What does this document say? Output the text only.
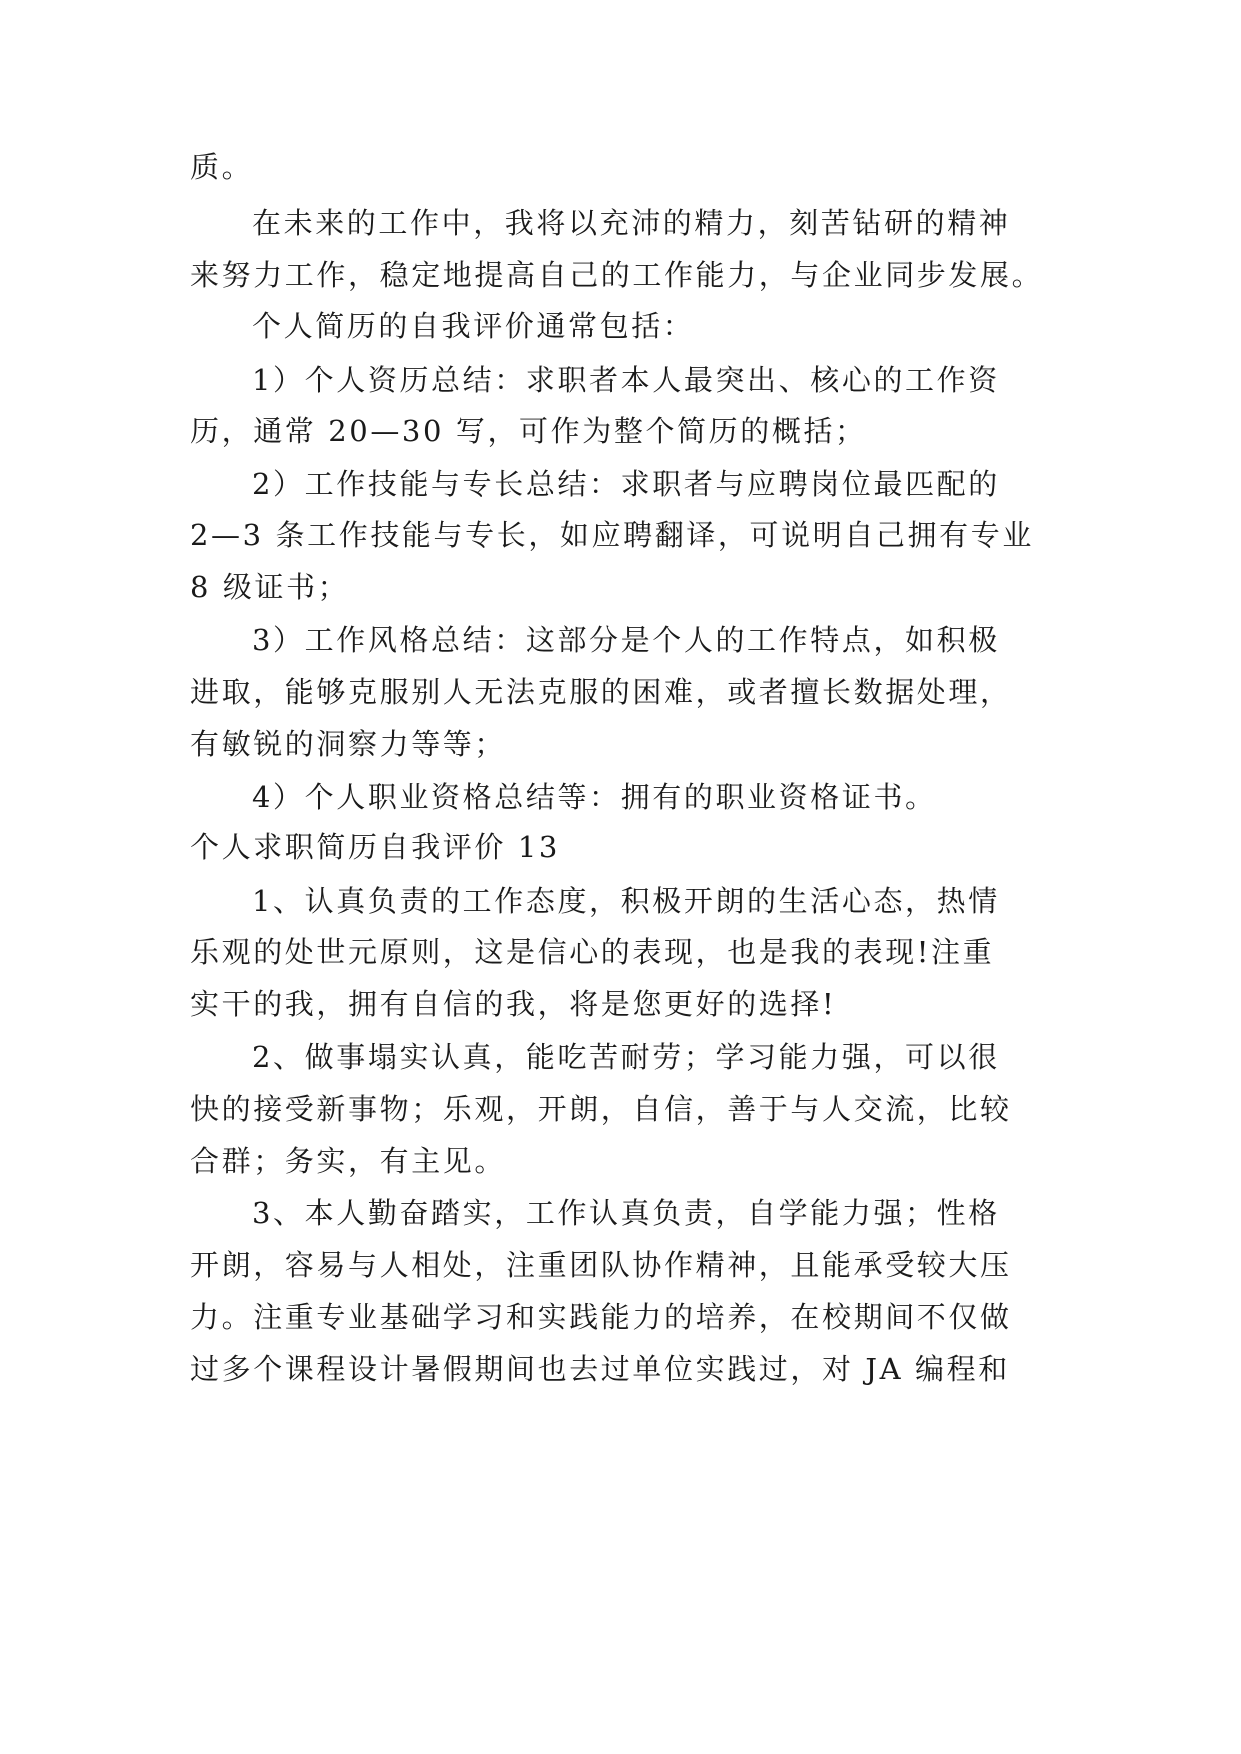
质。
在未来的工作中，我将以充沛的精力，刻苦钻研的精神
来努力工作，稳定地提高自己的工作能力，与企业同步发展。
个人简历的自我评价通常包括：
1）个人资历总结：求职者本人最突出、核心的工作资
历，通常 20—30 写，可作为整个简历的概括；
2）工作技能与专长总结：求职者与应聘岗位最匹配的
2—3 条工作技能与专长，如应聘翻译，可说明自己拥有专业
8 级证书；
3）工作风格总结：这部分是个人的工作特点，如积极
进取，能够克服别人无法克服的困难，或者擅长数据处理，
有敏锐的洞察力等等；
4）个人职业资格总结等：拥有的职业资格证书。
个人求职简历自我评价 13
1、认真负责的工作态度，积极开朗的生活心态，热情
乐观的处世元原则，这是信心的表现，也是我的表现!注重
实干的我，拥有自信的我，将是您更好的选择!
2、做事塌实认真，能吃苦耐劳；学习能力强，可以很
快的接受新事物；乐观，开朗，自信，善于与人交流，比较
合群；务实，有主见。
3、本人勤奋踏实，工作认真负责，自学能力强；性格
开朗，容易与人相处，注重团队协作精神，且能承受较大压
力。注重专业基础学习和实践能力的培养，在校期间不仅做
过多个课程设计暑假期间也去过单位实践过，对 JA 编程和
